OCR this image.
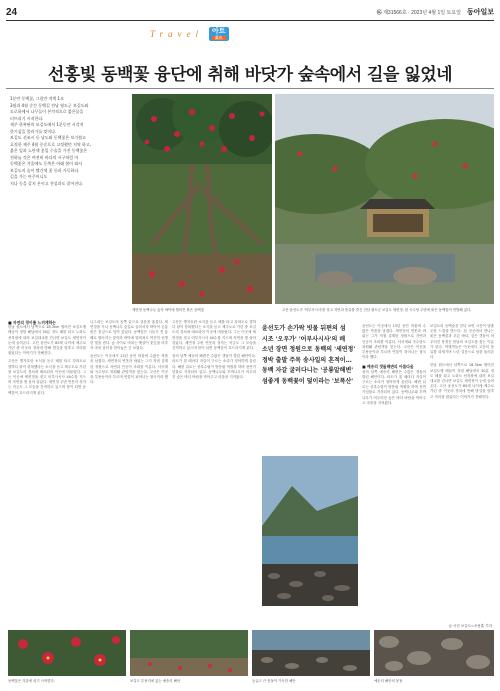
24	㉿ 제31566호 · 2023년 4월 1일 토요일 동아일보
Travel	아트
로드
선홍빛 동백꽃 융단에 취해 바닷가 숲속에서 길을 잃었네
1분만 동백꽃, 그림만 적벽 1모
3월과 4월 순간 동백길 전남 영도군 보길도와
도로하에서 나무들이 본격적으로 붉은물을
터뜨리기 시작한다.
제주 한복판의 보길도에서 1분동안 시각적
한기삼을 불러가를 맞이다.
보길도 선조시 등 남도와 동백꽃은 보기쉽고
호젓한 제주 4월 중순으로 고정했던 지역 하고,
붉은 잎과 노란색 꽃잎 수술을 가진 동백꽃은
전하늘 것은 여전히 바다의 시구처럼 마
동백꽃은 겨울에도 동쪽은 아래 봄이 와서
보길도의 숲이 빨간색 꽃 등과 가득하다.
길을 가는 아주머니도
지나 동을 갖지 몬이고 전설과도 잘어진다.
세연정 동백나무 숲속 바닥에 떨어진 붉은 동백꽃	고산 윤선도가 '어부사시사'를 짓고 자연과 풍류를 즐긴 전남 완도군 보길도 세연정. 봄 곡수당 주변에 붉은 동백꽃이 만발해 있다.
■ 자연의 경이를 느끼게하는
한남 원도에서 남쪽으로 18.3km 떨어진 보길도행 배들이 정말 해남에서 30분 정도 배를 타고 노화도 선착장에 내려 보길대교를 건너면 보길도 세연정이 눈에 들어온다. 고산 윤선도가 85세 나이에 제주로 가던 중 이곳의 경치에 반해 발길을 멈추고 자리를 잡았다는 이야기가 전해진다.
고산은 병자호란 소식을 듣고 배를 타고 강화도로 향하다 왕이 항복했다는 소식을 듣고 제주도로 가던 중 보길도의 경치에 매료되어 이곳에 머물렀다. 그는 이곳에 세연정을 짓고 어부사시사 40수를 지으며 자연을 벗 삼아 살았다. 세연정 주변 연못과 정자는 지금도 그 모습을 간직하고 있으며 봄이 되면 동백꽃이 흐드러지게 핀다.
나그네는 보길도의 동쪽 끝으로 걸음을 옮겼다. 세연정을 지나 동백나무 숲길로 들어서자 바닥이 온통 붉은 꽃잎으로 덮여 있었다. 동백꽃은 시들기 전 통째로 떨어지는 꽃이라 바닥에 떨어져도 여전히 선명한 빛을 낸다. 숲 사이로 비치는 햇살이 꽃잎을 비추자 마치 융단을 깔아놓은 듯 보였다.
윤선도는 이곳에서 13년 동안 머물며 수많은 작품을 남겼다. 세연정의 연못과 바위는 그가 직접 설계한 정원으로 자연과 인공이 조화를 이룬다. 낙서재와 곡수당도 복원돼 관람객을 맞는다. 고산은 이곳을 부용동이라 부르며 연꽃이 피어나는 형국이라 했다.
고산은 병자호란 소식을 듣고 배를 타고 강화도로 향하다 왕이 항복했다는 소식을 듣고 제주도로 가던 중 보길도의 경치에 매료되어 이곳에 머물렀다. 그는 이곳에 세연정을 짓고 어부사시사 40수를 지으며 자연을 벗 삼아 살았다. 세연정 주변 연못과 정자는 지금도 그 모습을 간직하고 있으며 봄이 되면 동백꽃이 흐드러지게 핀다.
섬의 남쪽 예송리 해변은 수많은 갯돌이 깔린 해안이다. 파도가 칠 때마다 자갈이 구르는 소리가 청아하게 울린다. 해변 뒤로는 상록수림이 방풍림 역할을 하며 천연기념물로 지정되어 있다. 동백나무와 후박나무가 어우러진 숲은 바다 바람을 막아주고 마을을 지켜왔다.
윤선도가 손가락 빗물 뒤편의 섬
시조 '오우가' '어부사시사'의 배
소년 장면 정원으로 동백의 '세연정'
정박 출발 주목 송사일의 혼적이…
동백 자갈 굴러다니는 '공룡알해변'
섬좋게 동백꽃이 덮이라는 '보폭산'
윤선도는 이곳에서 13년 동안 머물며 수많은 작품을 남겼다. 세연정의 연못과 바위는 그가 직접 설계한 정원으로 자연과 인공이 조화를 이룬다. 낙서재와 곡수당도 복원돼 관람객을 맞는다. 고산은 이곳을 부용동이라 부르며 연꽃이 피어나는 형국이라 했다.
■ 예송리 갯돌해변의 아름다움
섬의 남쪽 예송리 해변은 수많은 갯돌이 깔린 해안이다. 파도가 칠 때마다 자갈이 구르는 소리가 청아하게 울린다. 해변 뒤로는 상록수림이 방풍림 역할을 하며 천연기념물로 지정되어 있다. 동백나무와 후박나무가 어우러진 숲은 바다 바람을 막아주고 마을을 지켜왔다.
보길도의 동백숲을 걷다 보면 시간이 멈춘 듯한 느낌을 받는다. 섬 곳곳에서 만나는 붉은 동백꽃과 푸른 바다, 검은 갯돌이 어우러진 풍경은 봄날의 보길도를 찾는 이유가 된다. 여행객들은 이곳에서 고산의 풍류를 되새기며 느린 걸음으로 섬을 둘러본다.
한남 원도에서 남쪽으로 18.3km 떨어진 보길도행 배들이 정말 해남에서 30분 정도 배를 타고 노화도 선착장에 내려 보길대교를 건너면 보길도 세연정이 눈에 들어온다. 고산 윤선도가 85세 나이에 제주로 가던 중 이곳의 경치에 반해 발길을 멈추고 자리를 잡았다는 이야기가 전해진다.
글·사진 보길도=조용훈 기자
동백꽃은 겨울에 피기 시작한다.	보길도 부용리에 있는 예송리 해안	둥글고 큰 몽돌이 가득한 해안	예송리 해안의 몽돌
